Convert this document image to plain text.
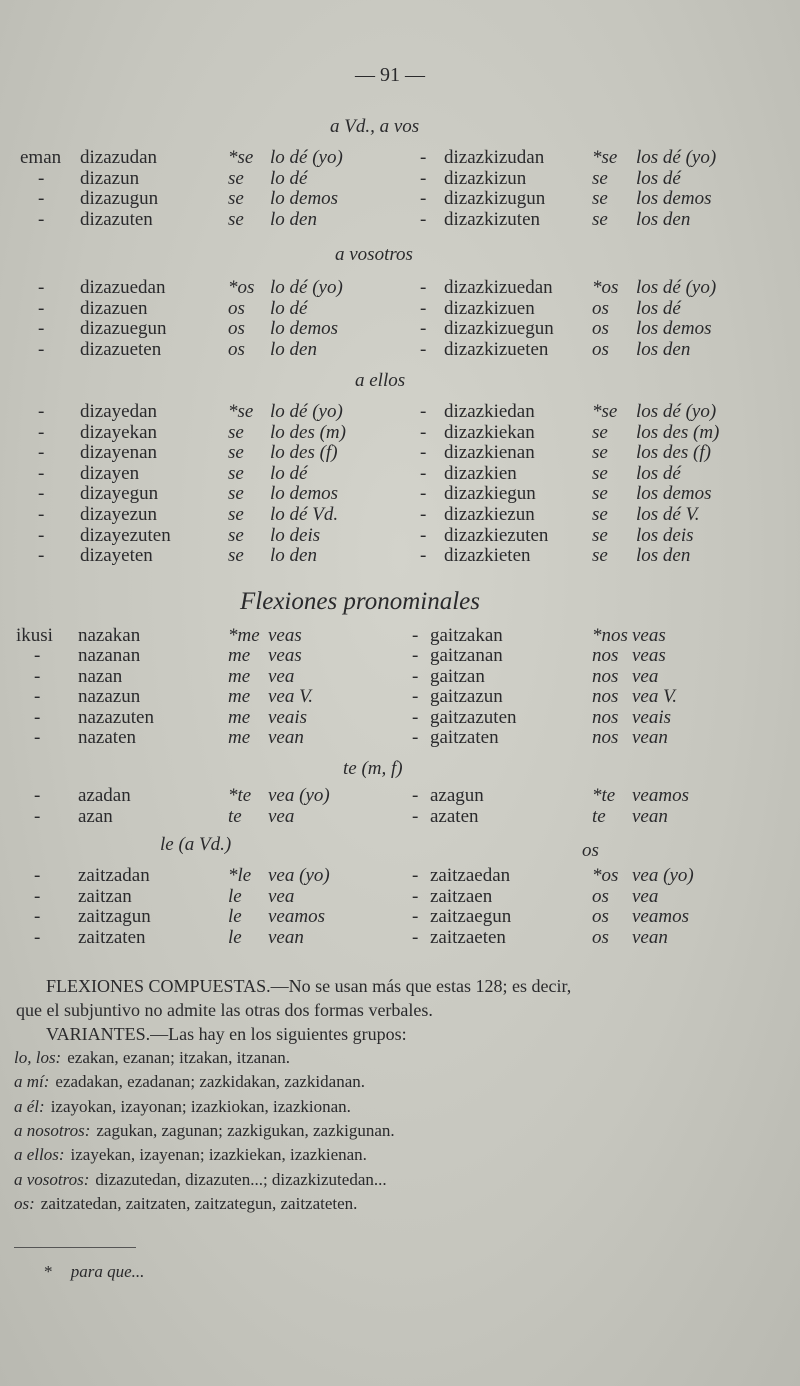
— 91 —
a Vd., a vos
eman dizazudan	*se lo dé (yo)	- dizazkizudan	*se los dé (yo)
- dizazun	se lo dé	- dizazkizun	se los dé
- dizazugun	se lo demos	- dizazkizugun se los demos
- dizazuten	se lo den	- dizazkizuten	se los den
a vosotros
- dizazuedan	*os lo dé (yo)	- dizazkizuedan *os los dé (yo)
- dizazuen	os lo dé	- dizazkizuen	os los dé
- dizazuegun	os lo demos	- dizazkizuegun os los demos
- dizazueten	os lo den	- dizazkizueten os los den
a ellos
- dizayedan	*se lo dé (yo)	- dizazkiedan	*se los dé (yo)
- dizayekan	se lo des (m)	- dizazkiekan	se los des (m)
- dizayenan	se lo des (f)	- dizazkienan	se los des (f)
- dizayen	se lo dé	- dizazkien	se los dé
- dizayegun	se lo demos	- dizazkiegun	se los demos
- dizayezun	se lo dé Vd.	- dizazkiezun	se los dé V.
- dizayezuten	se lo deis	- dizazkiezuten se los deis
- dizayeten	se lo den	- dizazkieten	se los den
Flexiones pronominales
ikusi nazakan	*me veas	- gaitzakan	*nos veas
- nazanan	me veas	- gaitzanan	nos veas
- nazan	me vea	- gaitzan	nos vea
- nazazun	me vea V.	- gaitzazun	nos vea V.
- nazazuten	me veais	- gaitzazuten	nos veais
- nazaten	me vean	- gaitzaten	nos vean
te (m, f)
- azadan	*te vea (yo)	- azagun	*te veamos
- azan	te vea	- azaten	te vean
le (a Vd.)	os
- zaitzadan	*le vea (yo)	- zaitzaedan	*os vea (yo)
- zaitzan	le vea	- zaitzaen	os vea
- zaitzagun	le veamos	- zaitzaegun	os veamos
- zaitzaten	le vean	- zaitzaeten	os vean

FLEXIONES COMPUESTAS.—No se usan más que estas 128; es decir,

que el subjuntivo no admite las otras dos formas verbales.

VARIANTES.—Las hay en los siguientes grupos:

lo, los: ezakan, ezanan; itzakan, itzanan.
a mí: ezadakan, ezadanan; zazkidakan, zazkidanan.
a él: izayokan, izayonan; izazkiokan, izazkionan.
a nosotros: zagukan, zagunan; zazkigukan, zazkigunan.
a ellos: izayekan, izayenan; izazkiekan, izazkienan.
a vosotros: dizazutedan, dizazuten...; dizazkizutedan...
os: zaitzatedan, zaitzaten, zaitzategun, zaitzateten.
* para que...
